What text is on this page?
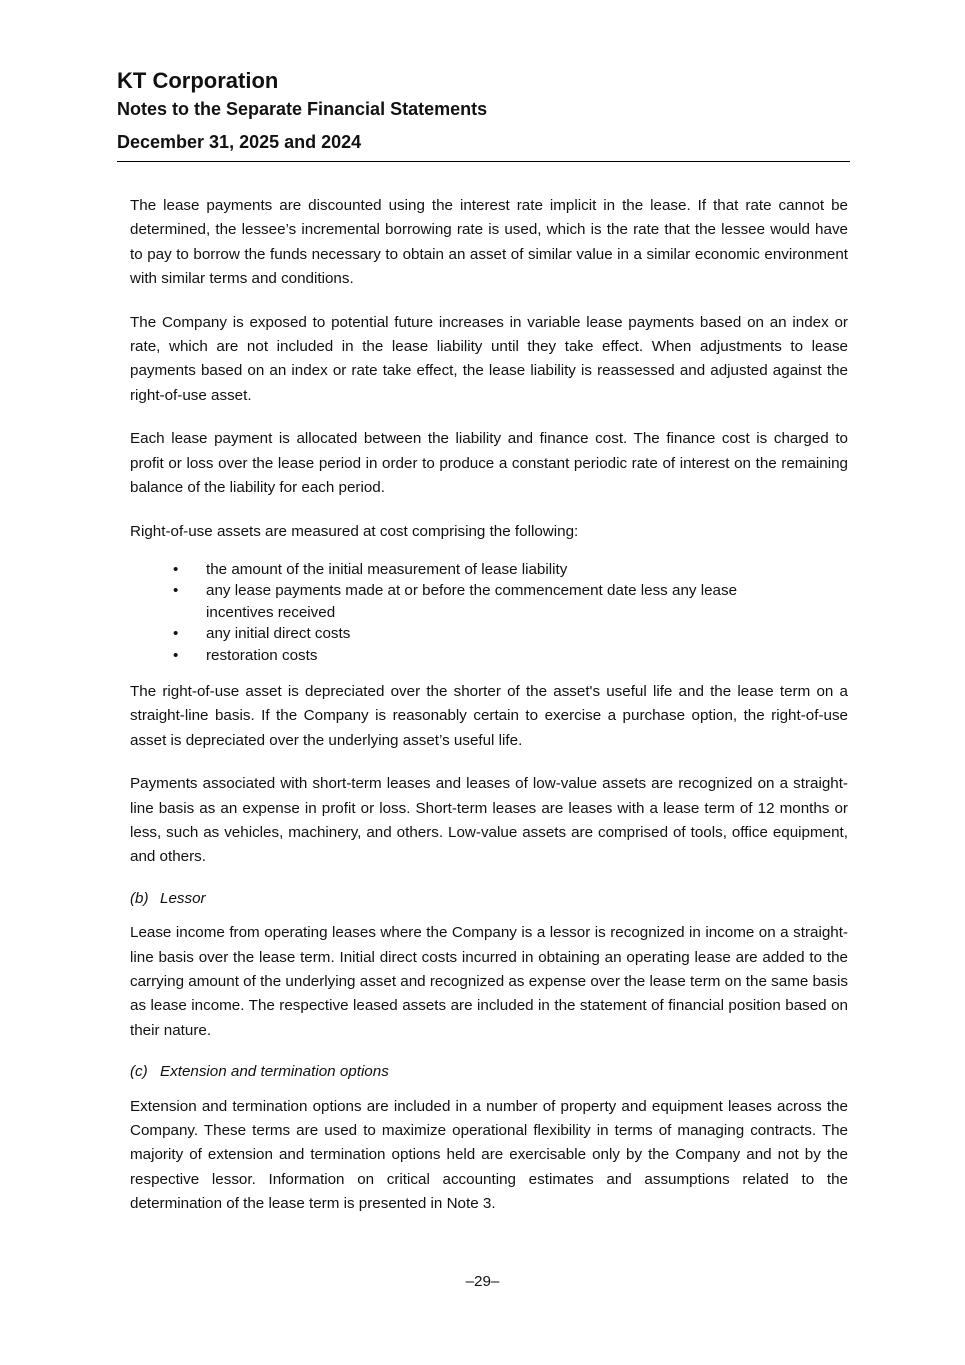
KT Corporation
Notes to the Separate Financial Statements
December 31, 2025 and 2024

The lease payments are discounted using the interest rate implicit in the lease. If that rate cannot be determined, the lessee’s incremental borrowing rate is used, which is the rate that the lessee would have to pay to borrow the funds necessary to obtain an asset of similar value in a similar economic environment with similar terms and conditions.

The Company is exposed to potential future increases in variable lease payments based on an index or rate, which are not included in the lease liability until they take effect. When adjustments to lease payments based on an index or rate take effect, the lease liability is reassessed and adjusted against the right-of-use asset.

Each lease payment is allocated between the liability and finance cost. The finance cost is charged to profit or loss over the lease period in order to produce a constant periodic rate of interest on the remaining balance of the liability for each period.

Right-of-use assets are measured at cost comprising the following:

• the amount of the initial measurement of lease liability
• any lease payments made at or before the commencement date less any lease incentives received
• any initial direct costs
• restoration costs

The right-of-use asset is depreciated over the shorter of the asset's useful life and the lease term on a straight-line basis. If the Company is reasonably certain to exercise a purchase option, the right-of-use asset is depreciated over the underlying asset’s useful life.

Payments associated with short-term leases and leases of low-value assets are recognized on a straight-line basis as an expense in profit or loss. Short-term leases are leases with a lease term of 12 months or less, such as vehicles, machinery, and others. Low-value assets are comprised of tools, office equipment, and others.

(b) Lessor

Lease income from operating leases where the Company is a lessor is recognized in income on a straight-line basis over the lease term. Initial direct costs incurred in obtaining an operating lease are added to the carrying amount of the underlying asset and recognized as expense over the lease term on the same basis as lease income. The respective leased assets are included in the statement of financial position based on their nature.

(c) Extension and termination options

Extension and termination options are included in a number of property and equipment leases across the Company. These terms are used to maximize operational flexibility in terms of managing contracts. The majority of extension and termination options held are exercisable only by the Company and not by the respective lessor. Information on critical accounting estimates and assumptions related to the determination of the lease term is presented in Note 3.

–29–
